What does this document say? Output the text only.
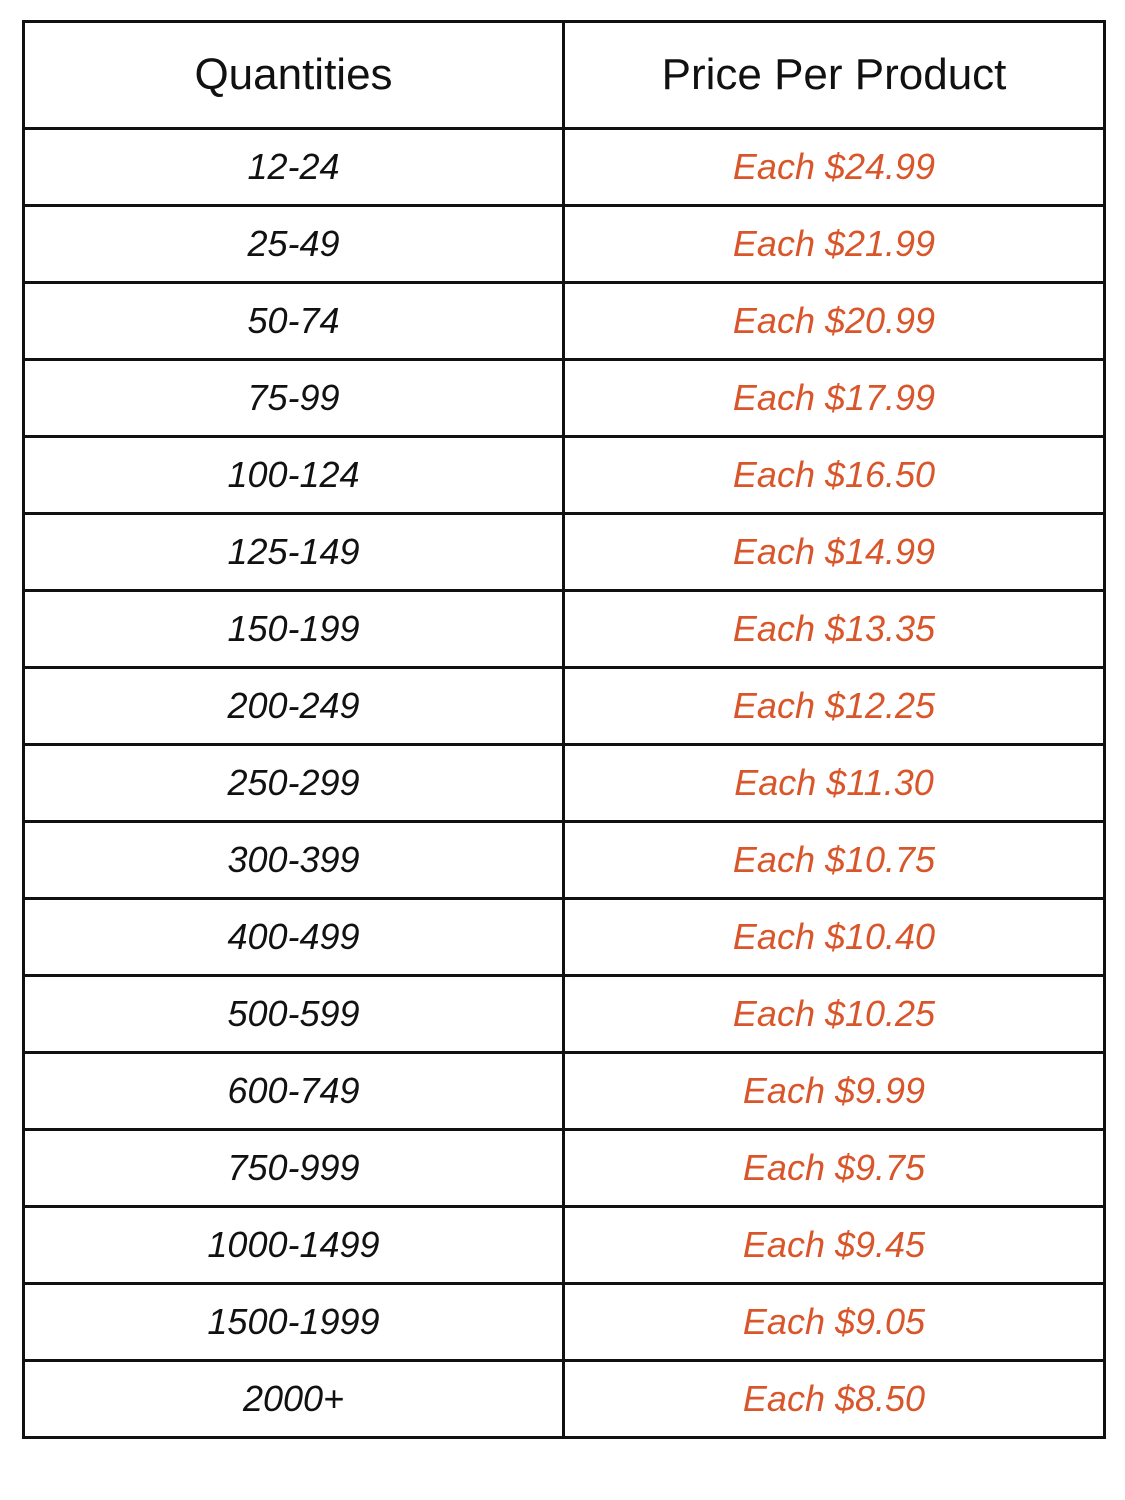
Quantities	Price Per Product
12-24	Each $24.99
25-49	Each $21.99
50-74	Each $20.99
75-99	Each $17.99
100-124	Each $16.50
125-149	Each $14.99
150-199	Each $13.35
200-249	Each $12.25
250-299	Each $11.30
300-399	Each $10.75
400-499	Each $10.40
500-599	Each $10.25
600-749	Each $9.99
750-999	Each $9.75
1000-1499	Each $9.45
1500-1999	Each $9.05
2000+	Each $8.50
